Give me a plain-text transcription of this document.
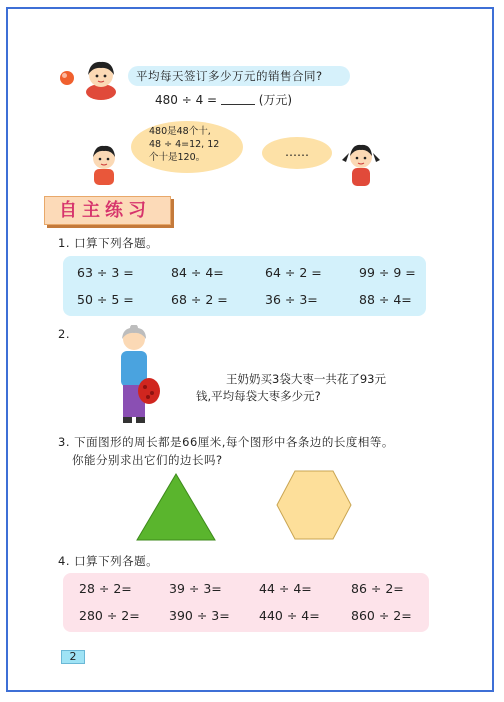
平均每天签订多少万元的销售合同?
480 ÷ 4 =	(万元)
480是48个十,
48 ÷ 4=12, 12
个十是120。	……
自主练习
1. 口算下列各题。
63 ÷ 3 =	84 ÷ 4=	64 ÷ 2 =	99 ÷ 9 =
50 ÷ 5 =	68 ÷ 2 =	36 ÷ 3=	88 ÷ 4=
2.
王奶奶买3袋大枣一共花了93元
钱,平均每袋大枣多少元?
3. 下面图形的周长都是66厘米,每个图形中各条边的长度相等。
你能分别求出它们的边长吗?
4. 口算下列各题。
28 ÷ 2=	39 ÷ 3=	44 ÷ 4=	86 ÷ 2=
280 ÷ 2= 390 ÷ 3= 440 ÷ 4=	860 ÷ 2=
2
